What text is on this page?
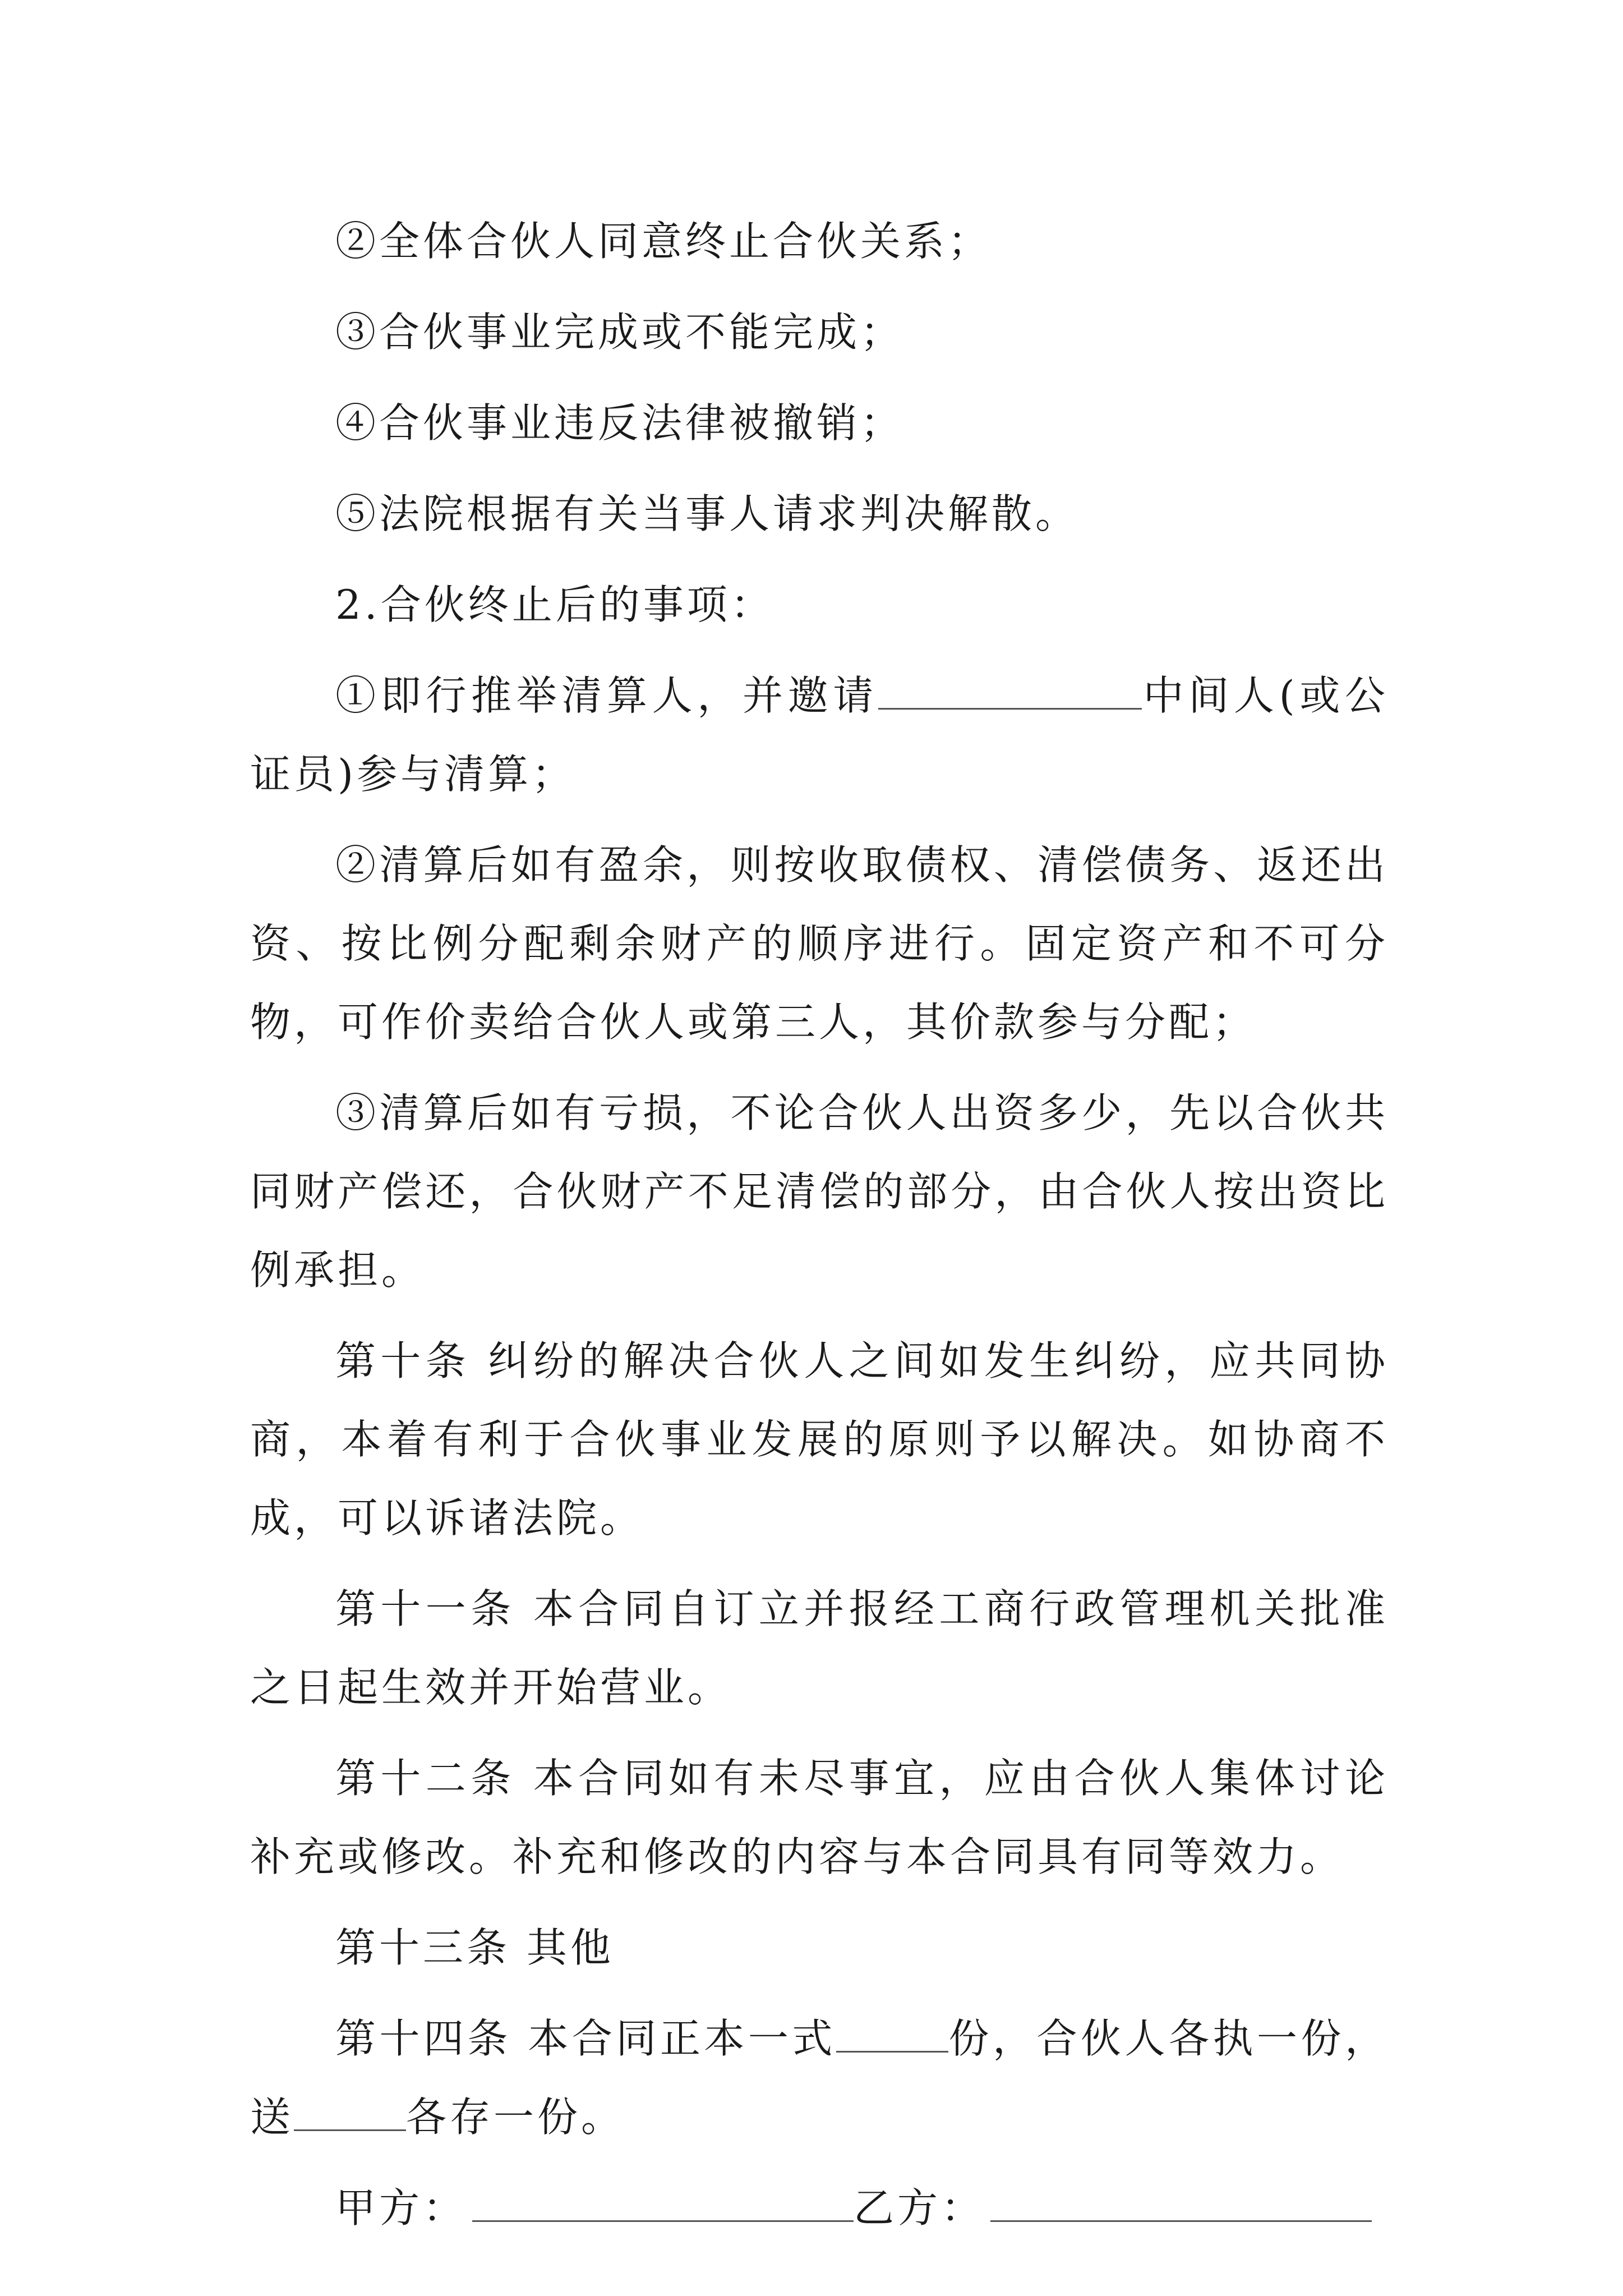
②全体合伙人同意终止合伙关系；

③合伙事业完成或不能完成；

④合伙事业违反法律被撤销；

⑤法院根据有关当事人请求判决解散。

2.合伙终止后的事项：

①即行推举清算人，并邀请	中间人(或公证员)参与清算；

②清算后如有盈余，则按收取债权、清偿债务、返还出资、按比例分配剩余财产的顺序进行。固定资产和不可分物，可作价卖给合伙人或第三人，其价款参与分配；

③清算后如有亏损，不论合伙人出资多少，先以合伙共同财产偿还，合伙财产不足清偿的部分，由合伙人按出资比例承担。

第十条 纠纷的解决合伙人之间如发生纠纷，应共同协商，本着有利于合伙事业发展的原则予以解决。如协商不成，可以诉诸法院。

第十一条 本合同自订立并报经工商行政管理机关批准之日起生效并开始营业。

第十二条 本合同如有未尽事宜，应由合伙人集体讨论补充或修改。补充和修改的内容与本合同具有同等效力。

第十三条 其他

第十四条 本合同正本一式	份，合伙人各执一份，送	各存一份。

甲方：	乙方：
